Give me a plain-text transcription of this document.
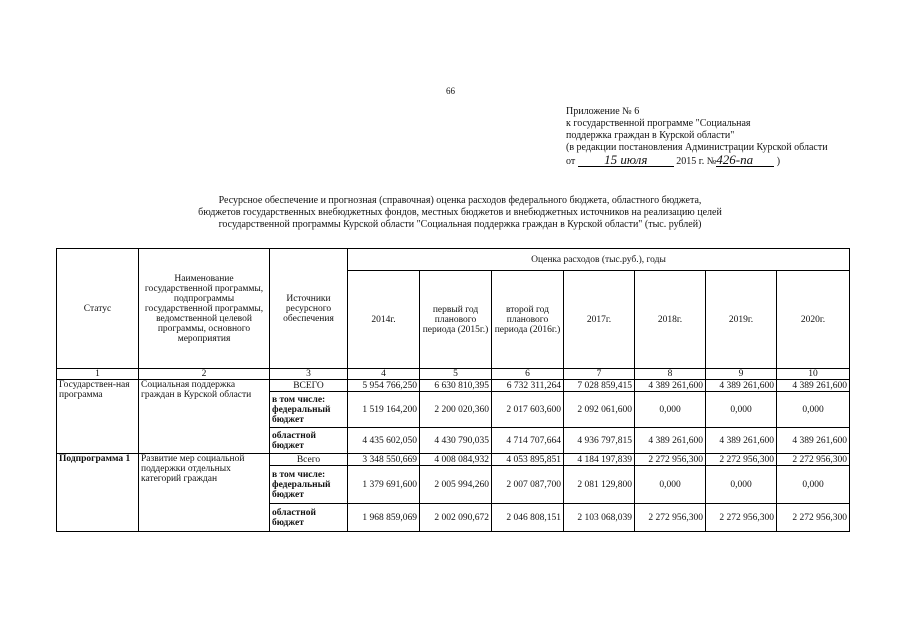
66
Приложение № 6
к государственной программе "Социальная
поддержка граждан в Курской области"
(в редакции постановления Администрации Курской области
от 15 июля	2015 г. №426-па )
Ресурсное обеспечение и прогнозная (справочная) оценка расходов федерального бюджета, областного бюджета,
бюджетов государственных внебюджетных фондов, местных бюджетов и внебюджетных источников на реализацию целей
государственной программы Курской области "Социальная поддержка граждан в Курской области" (тыс. рублей)
Статус	Наименование государственной программы, подпрограммы государственной программы, ведомственной целевой программы, основного мероприятия	Источники ресурсного обеспечения	Оценка расходов (тыс.руб.), годы						
			2014г.	первый год планового периода (2015г.)	второй год планового периода (2016г.)	2017г.	2018г.	2019г.	2020г.
1	2	3	4	5	6	7	8	9	10
Государствен-ная программа	Социальная поддержка граждан в Курской области	ВСЕГО	5 954 766,250	6 630 810,395	6 732 311,264	7 028 859,415	4 389 261,600	4 389 261,600	4 389 261,600
		в том числе: федеральный бюджет	1 519 164,200	2 200 020,360	2 017 603,600	2 092 061,600	0,000	0,000	0,000
		областной бюджет	4 435 602,050	4 430 790,035	4 714 707,664	4 936 797,815	4 389 261,600	4 389 261,600	4 389 261,600
Подпрограмма 1	Развитие мер социальной поддержки отдельных категорий граждан	Всего	3 348 550,669	4 008 084,932	4 053 895,851	4 184 197,839	2 272 956,300	2 272 956,300	2 272 956,300
		в том числе: федеральный бюджет	1 379 691,600	2 005 994,260	2 007 087,700	2 081 129,800	0,000	0,000	0,000
		областной бюджет	1 968 859,069	2 002 090,672	2 046 808,151	2 103 068,039	2 272 956,300	2 272 956,300	2 272 956,300
